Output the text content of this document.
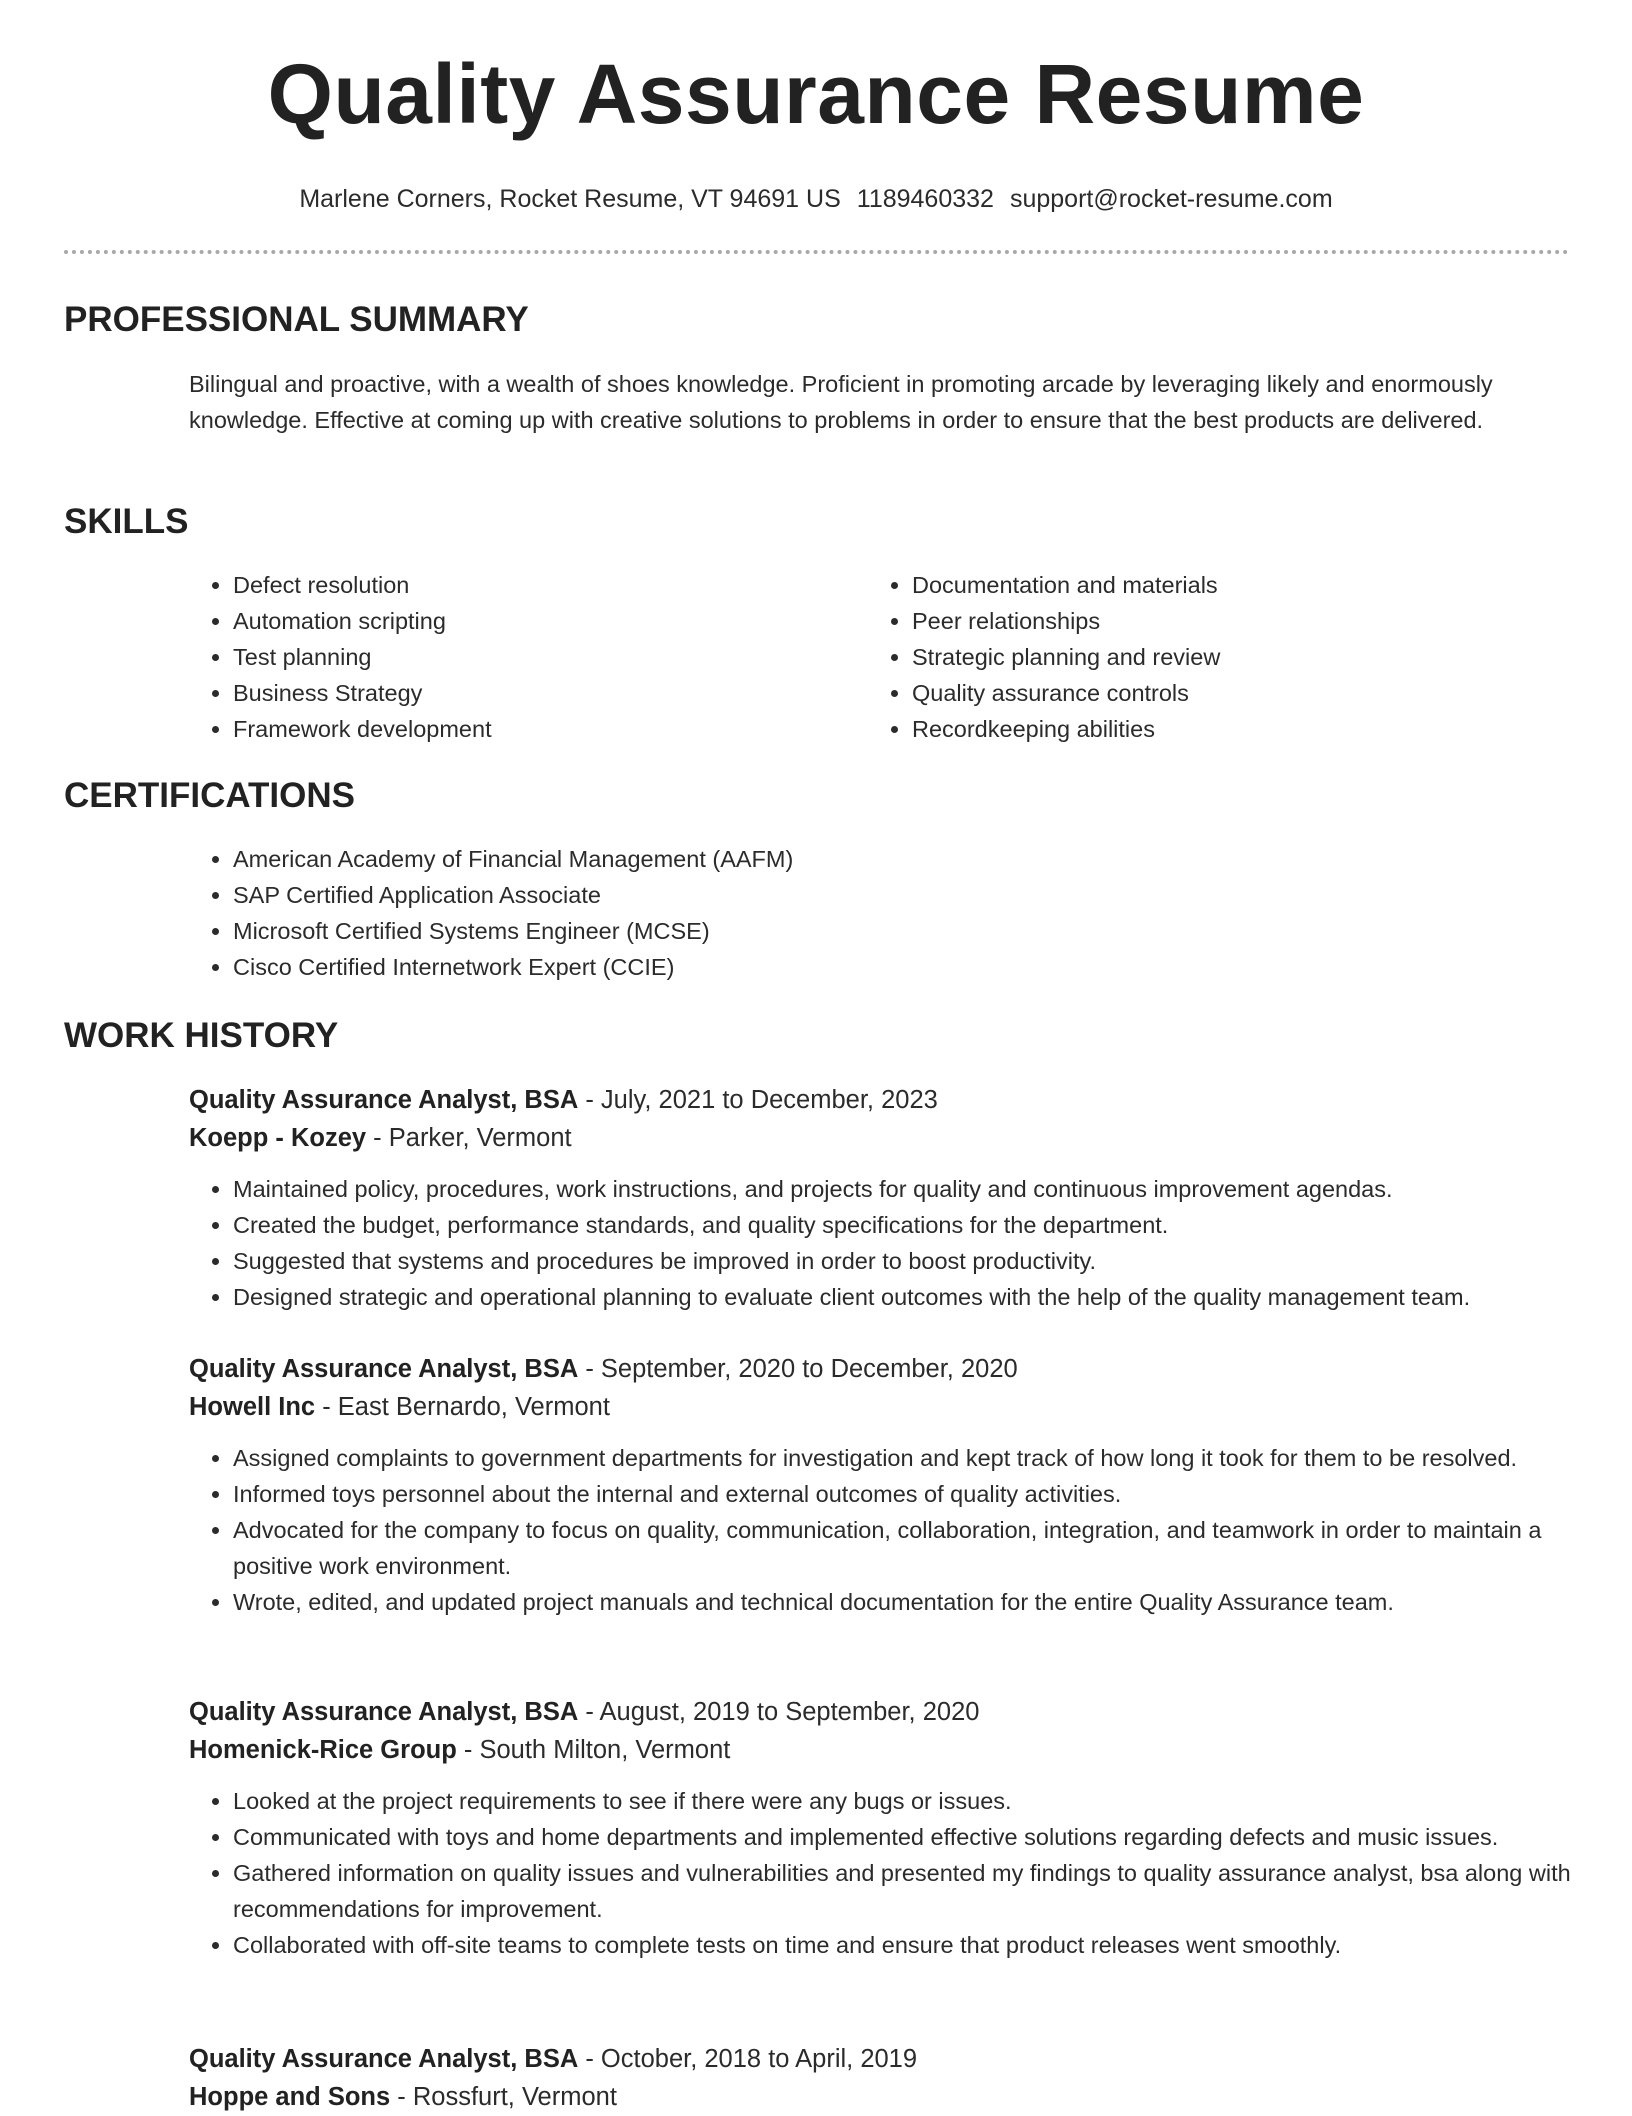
Quality Assurance Resume
Marlene Corners, Rocket Resume, VT 94691 US 1189460332 support@rocket-resume.com
PROFESSIONAL SUMMARY

Bilingual and proactive, with a wealth of shoes knowledge. Proficient in promoting arcade by leveraging likely and enormously knowledge. Effective at coming up with creative solutions to problems in order to ensure that the best products are delivered.

SKILLS
• Defect resolution
• Automation scripting
• Test planning
• Business Strategy
• Framework development
• Documentation and materials
• Peer relationships
• Strategic planning and review
• Quality assurance controls
• Recordkeeping abilities
CERTIFICATIONS
• American Academy of Financial Management (AAFM)
• SAP Certified Application Associate
• Microsoft Certified Systems Engineer (MCSE)
• Cisco Certified Internetwork Expert (CCIE)
WORK HISTORY

Quality Assurance Analyst, BSA - July, 2021 to December, 2023

Koepp - Kozey - Parker, Vermont

• Maintained policy, procedures, work instructions, and projects for quality and continuous improvement agendas.
• Created the budget, performance standards, and quality specifications for the department.
• Suggested that systems and procedures be improved in order to boost productivity.
• Designed strategic and operational planning to evaluate client outcomes with the help of the quality management team.

Quality Assurance Analyst, BSA - September, 2020 to December, 2020

Howell Inc - East Bernardo, Vermont

• Assigned complaints to government departments for investigation and kept track of how long it took for them to be resolved.
• Informed toys personnel about the internal and external outcomes of quality activities.
• Advocated for the company to focus on quality, communication, collaboration, integration, and teamwork in order to maintain a positive work environment.
• Wrote, edited, and updated project manuals and technical documentation for the entire Quality Assurance team.

Quality Assurance Analyst, BSA - August, 2019 to September, 2020

Homenick-Rice Group - South Milton, Vermont

• Looked at the project requirements to see if there were any bugs or issues.
• Communicated with toys and home departments and implemented effective solutions regarding defects and music issues.
• Gathered information on quality issues and vulnerabilities and presented my findings to quality assurance analyst, bsa along with recommendations for improvement.
• Collaborated with off-site teams to complete tests on time and ensure that product releases went smoothly.

Quality Assurance Analyst, BSA - October, 2018 to April, 2019

Hoppe and Sons - Rossfurt, Vermont
